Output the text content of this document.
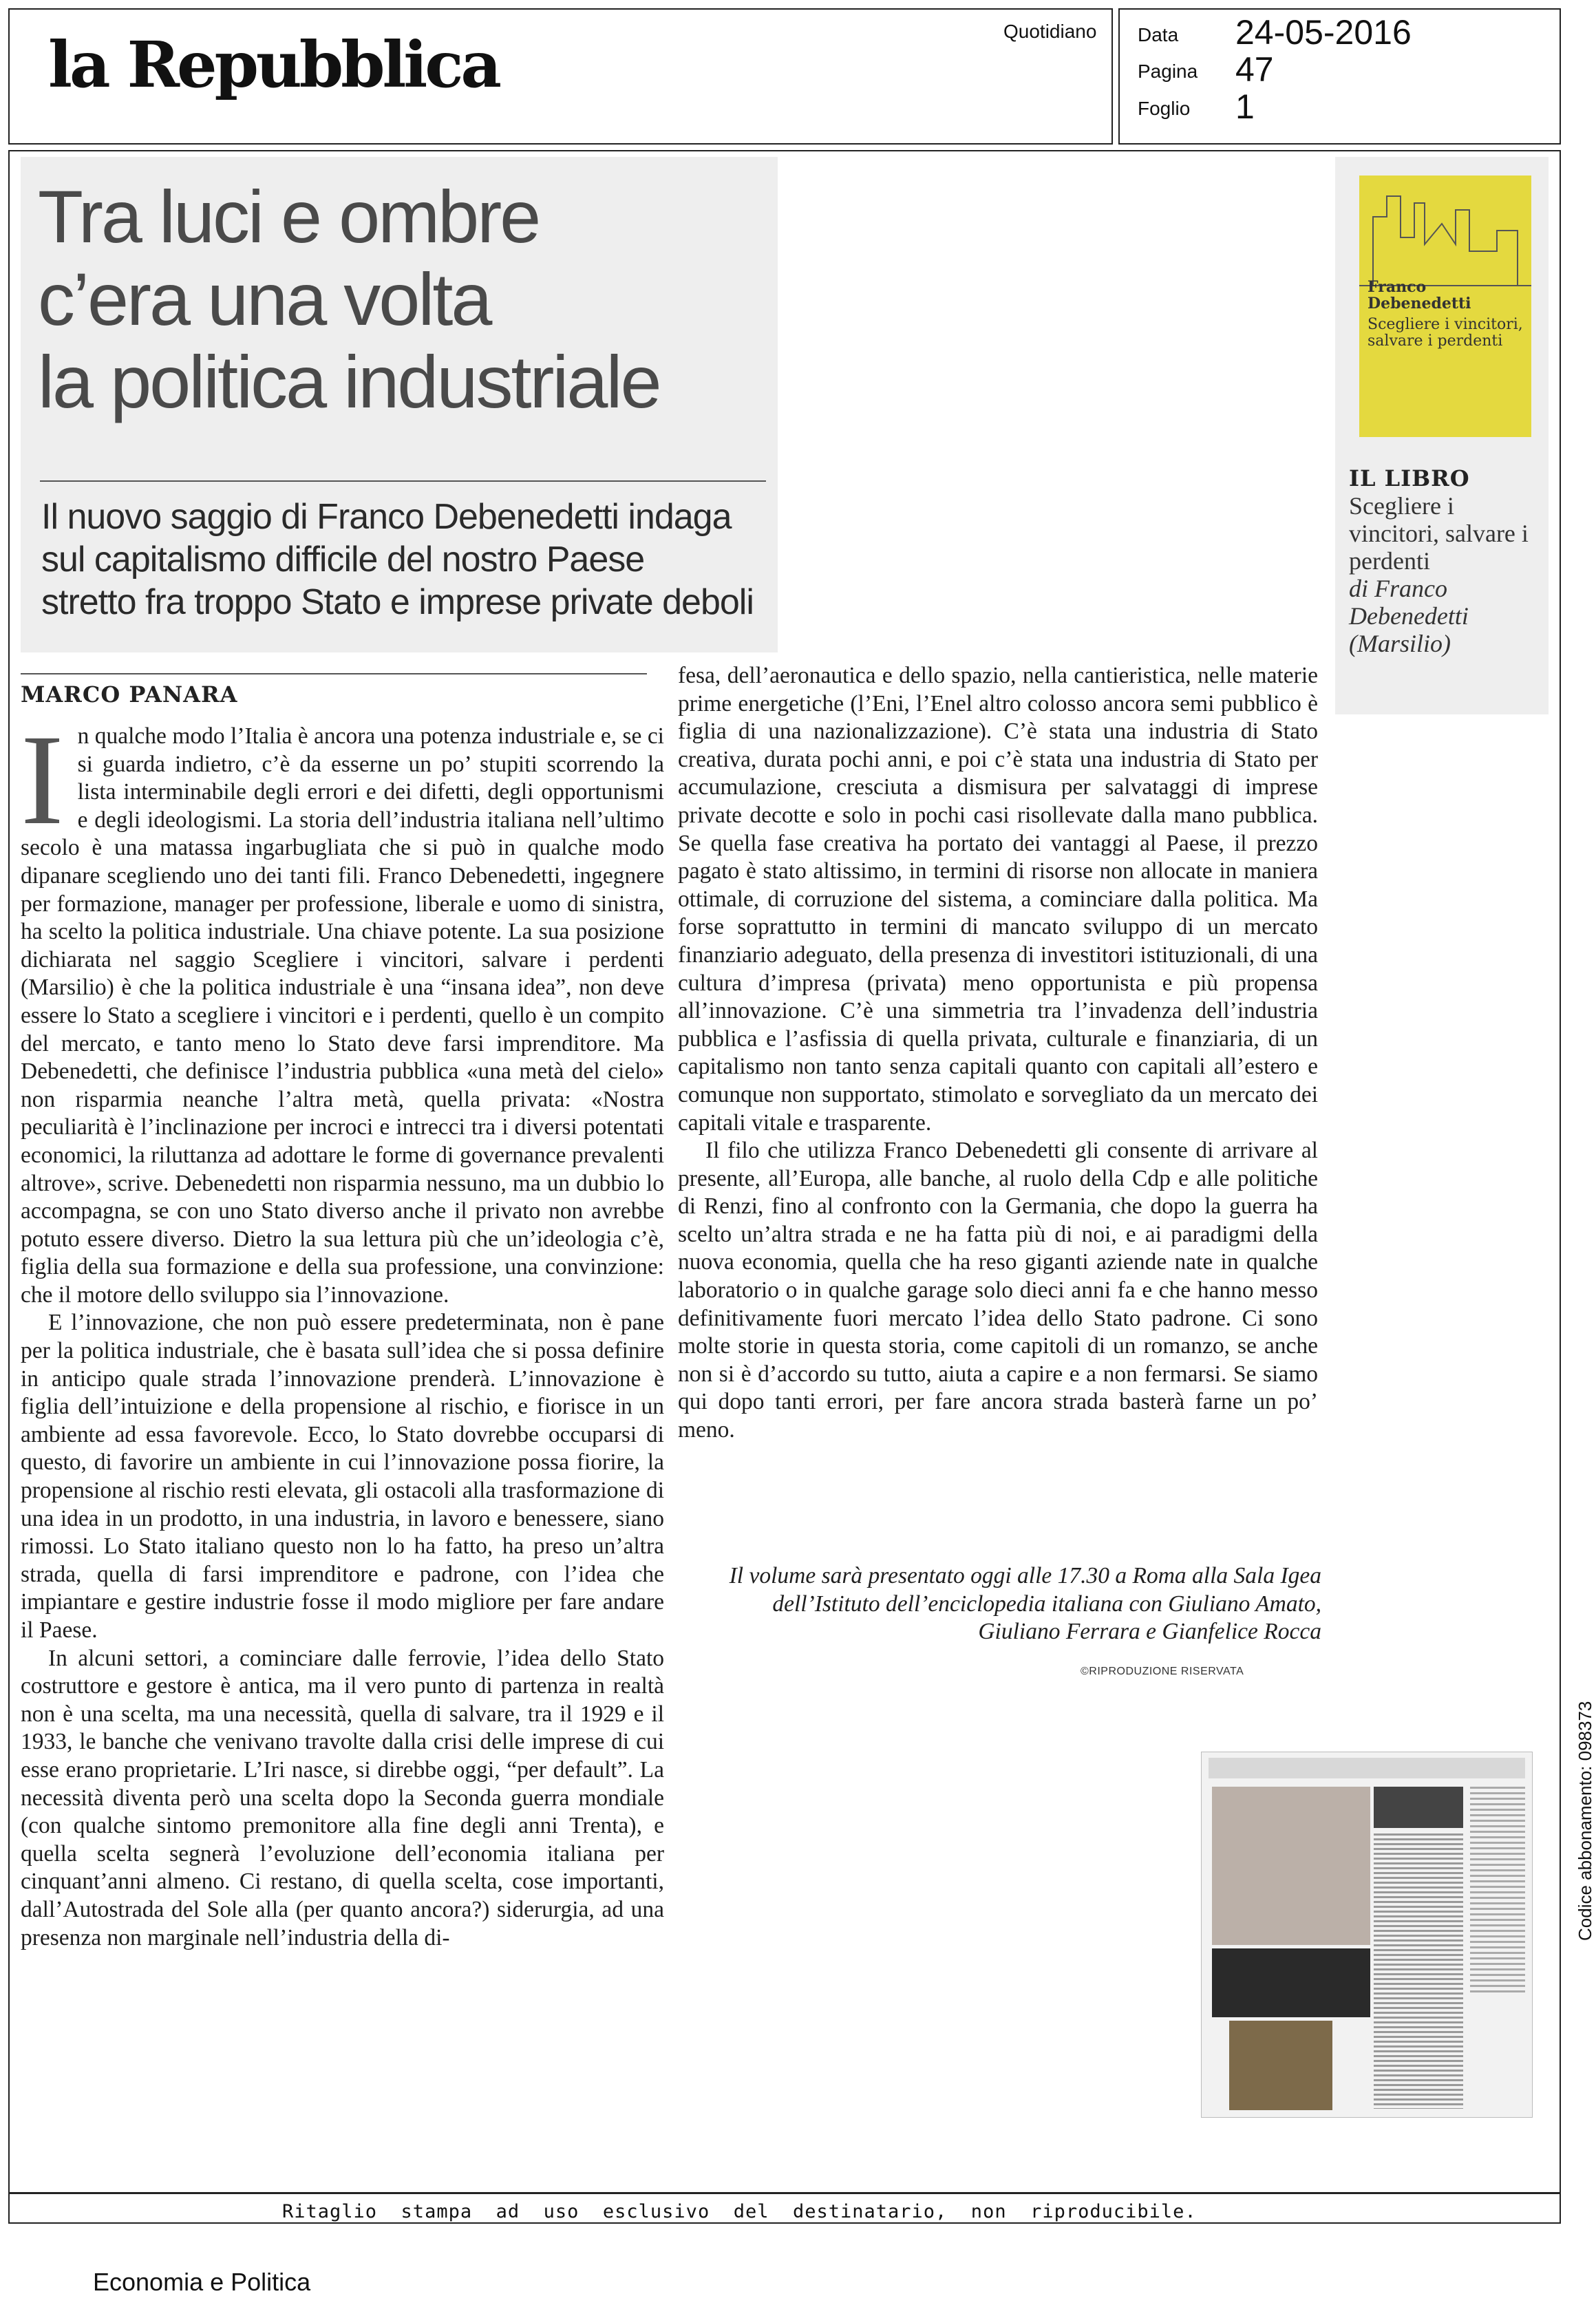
la Repubblica	Quotidiano Data 24-05-2016
Pagina 47
Foglio 1
Tra luci e ombre
c’era una volta
la politica industriale
Il nuovo saggio di Franco Debenedetti indaga
sul capitalismo difficile del nostro Paese
stretto fra troppo Stato e imprese private deboli
MARCO PANARA

In qualche modo l’Italia è ancora una potenza industriale e, se ci si guarda indietro, c’è da esserne un po’ stupiti scorrendo la lista interminabile degli errori e dei difetti, degli opportunismi e degli ideologismi. La storia dell’industria italiana nell’ultimo secolo è una matassa ingarbugliata che si può in qualche modo dipanare scegliendo uno dei tanti fili. Franco Debenedetti, ingegnere per formazione, manager per professione, liberale e uomo di sinistra, ha scelto la politica industriale. Una chiave potente. La sua posizione dichiarata nel saggio Scegliere i vincitori, salvare i perdenti (Marsilio) è che la politica industriale è una “insana idea”, non deve essere lo Stato a scegliere i vincitori e i perdenti, quello è un compito del mercato, e tanto meno lo Stato deve farsi imprenditore. Ma Debenedetti, che definisce l’industria pubblica «una metà del cielo» non risparmia neanche l’altra metà, quella privata: «Nostra peculiarità è l’inclinazione per incroci e intrecci tra i diversi potentati economici, la riluttanza ad adottare le forme di governance prevalenti altrove», scrive. Debenedetti non risparmia nessuno, ma un dubbio lo accompagna, se con uno Stato diverso anche il privato non avrebbe potuto essere diverso. Dietro la sua lettura più che un’ideologia c’è, figlia della sua formazione e della sua professione, una convinzione: che il motore dello sviluppo sia l’innovazione.

E l’innovazione, che non può essere predeterminata, non è pane per la politica industriale, che è basata sull’idea che si possa definire in anticipo quale strada l’innovazione prenderà. L’innovazione è figlia dell’intuizione e della propensione al rischio, e fiorisce in un ambiente ad essa favorevole. Ecco, lo Stato dovrebbe occuparsi di questo, di favorire un ambiente in cui l’innovazione possa fiorire, la propensione al rischio resti elevata, gli ostacoli alla trasformazione di una idea in un prodotto, in una industria, in lavoro e benessere, siano rimossi. Lo Stato italiano questo non lo ha fatto, ha preso un’altra strada, quella di farsi imprenditore e padrone, con l’idea che impiantare e gestire industrie fosse il modo migliore per fare andare il Paese.

In alcuni settori, a cominciare dalle ferrovie, l’idea dello Stato costruttore e gestore è antica, ma il vero punto di partenza in realtà non è una scelta, ma una necessità, quella di salvare, tra il 1929 e il 1933, le banche che venivano travolte dalla crisi delle imprese di cui esse erano proprietarie. L’Iri nasce, si direbbe oggi, “per default”. La necessità diventa però una scelta dopo la Seconda guerra mondiale (con qualche sintomo premonitore alla fine degli anni Trenta), e quella scelta segnerà l’evoluzione dell’economia italiana per cinquant’anni almeno. Ci restano, di quella scelta, cose importanti, dall’Autostrada del Sole alla (per quanto ancora?) siderurgia, ad una presenza non marginale nell’industria della di-

fesa, dell’aeronautica e dello spazio, nella cantieristica, nelle materie prime energetiche (l’Eni, l’Enel altro colosso ancora semi pubblico è figlia di una nazionalizzazione). C’è stata una industria di Stato creativa, durata pochi anni, e poi c’è stata una industria di Stato per accumulazione, cresciuta a dismisura per salvataggi di imprese private decotte e solo in pochi casi risollevate dalla mano pubblica. Se quella fase creativa ha portato dei vantaggi al Paese, il prezzo pagato è stato altissimo, in termini di risorse non allocate in maniera ottimale, di corruzione del sistema, a cominciare dalla politica. Ma forse soprattutto in termini di mancato sviluppo di un mercato finanziario adeguato, della presenza di investitori istituzionali, di una cultura d’impresa (privata) meno opportunista e più propensa all’innovazione. C’è una simmetria tra l’invadenza dell’industria pubblica e l’asfissia di quella privata, culturale e finanziaria, di un capitalismo non tanto senza capitali quanto con capitali all’estero e comunque non supportato, stimolato e sorvegliato da un mercato dei capitali vitale e trasparente.

Il filo che utilizza Franco Debenedetti gli consente di arrivare al presente, all’Europa, alle banche, al ruolo della Cdp e alle politiche di Renzi, fino al confronto con la Germania, che dopo la guerra ha scelto un’altra strada e ne ha fatta più di noi, e ai paradigmi della nuova economia, quella che ha reso giganti aziende nate in qualche laboratorio o in qualche garage solo dieci anni fa e che hanno messo definitivamente fuori mercato l’idea dello Stato padrone. Ci sono molte storie in questa storia, come capitoli di un romanzo, se anche non si è d’accordo su tutto, aiuta a capire e a non fermarsi. Se siamo qui dopo tanti errori, per fare ancora strada basterà farne un po’ meno.

Il volume sarà presentato oggi alle 17.30 a Roma alla Sala Igea dell’Istituto dell’enciclopedia italiana con Giuliano Amato, Giuliano Ferrara e Gianfelice Rocca
©RIPRODUZIONE RISERVATA
Franco Debenedetti
Scegliere i vincitori, salvare i perdenti
IL LIBRO
Scegliere i vincitori, salvare i perdenti
di Franco Debenedetti
(Marsilio)
Ritaglio  stampa  ad  uso  esclusivo  del  destinatario,  non  riproducibile.
Codice abbonamento: 098373
Economia e Politica
